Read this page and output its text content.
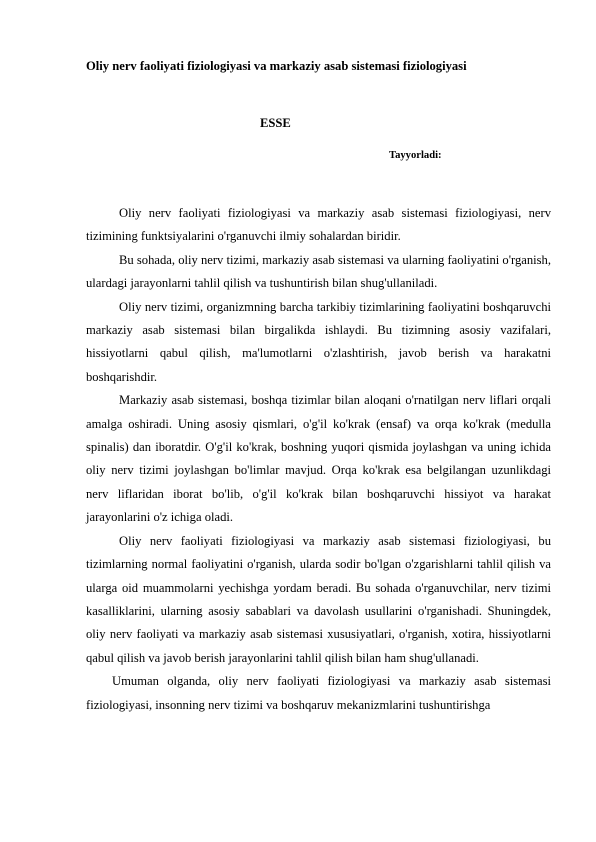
Oliy nerv faoliyati fiziologiyasi va markaziy asab sistemasi fiziologiyasi
ESSE
Tayyorladi:

Oliy nerv faoliyati fiziologiyasi va markaziy asab sistemasi fiziologiyasi, nerv tizimining funktsiyalarini o'rganuvchi ilmiy sohalardan biridir.

Bu sohada, oliy nerv tizimi, markaziy asab sistemasi va ularning faoliyatini o'rganish, ulardagi jarayonlarni tahlil qilish va tushuntirish bilan shug'ullaniladi.

Oliy nerv tizimi, organizmning barcha tarkibiy tizimlarining faoliyatini boshqaruvchi markaziy asab sistemasi bilan birgalikda ishlaydi. Bu tizimning asosiy vazifalari, hissiyotlarni qabul qilish, ma'lumotlarni o'zlashtirish, javob berish va harakatni boshqarishdir.

Markaziy asab sistemasi, boshqa tizimlar bilan aloqani o'rnatilgan nerv liflari orqali amalga oshiradi. Uning asosiy qismlari, o'g'il ko'krak (ensaf) va orqa ko'krak (medulla spinalis) dan iboratdir. O'g'il ko'krak, boshning yuqori qismida joylashgan va uning ichida oliy nerv tizimi joylashgan bo'limlar mavjud. Orqa ko'krak esa belgilangan uzunlikdagi nerv liflaridan iborat bo'lib, o'g'il ko'krak bilan boshqaruvchi hissiyot va harakat jarayonlarini o'z ichiga oladi.

Oliy nerv faoliyati fiziologiyasi va markaziy asab sistemasi fiziologiyasi, bu tizimlarning normal faoliyatini o'rganish, ularda sodir bo'lgan o'zgarishlarni tahlil qilish va ularga oid muammolarni yechishga yordam beradi. Bu sohada o'rganuvchilar, nerv tizimi kasalliklarini, ularning asosiy sabablari va davolash usullarini o'rganishadi. Shuningdek, oliy nerv faoliyati va markaziy asab sistemasi xususiyatlari, o'rganish, xotira, hissiyotlarni qabul qilish va javob berish jarayonlarini tahlil qilish bilan ham shug'ullanadi.

Umuman olganda, oliy nerv faoliyati fiziologiyasi va markaziy asab sistemasi fiziologiyasi, insonning nerv tizimi va boshqaruv mekanizmlarini tushuntirishga
